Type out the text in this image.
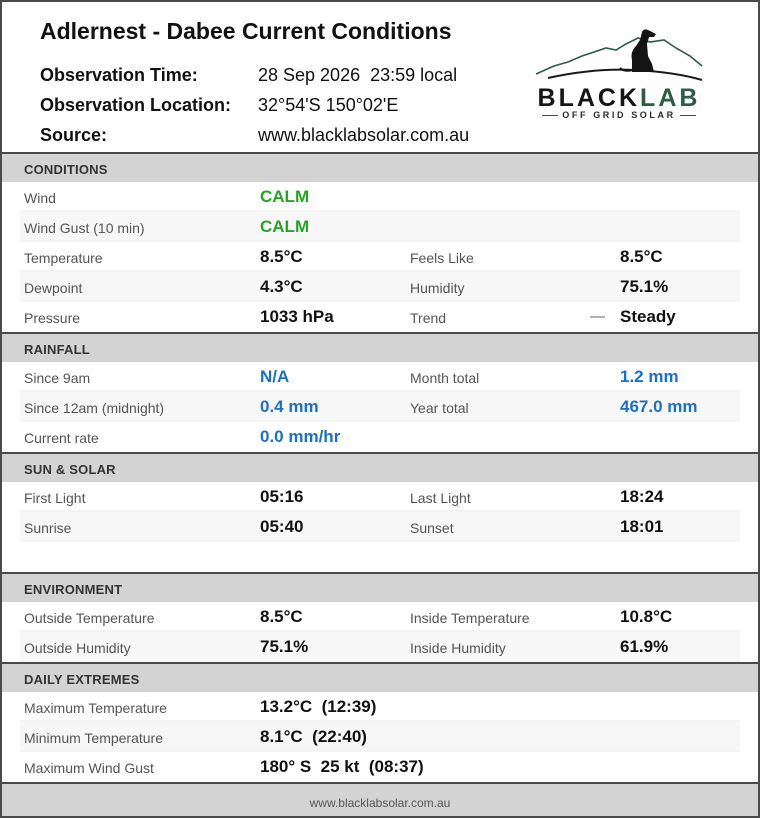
Adlernest - Dabee Current Conditions
Observation Time:	28 Sep 2026  23:59 local
Observation Location: 32°54'S 150°02'E
Source:	www.blacklabsolar.com.au
BLACKLAB
OFF GRID SOLAR
CONDITIONS
Wind	CALM
Wind Gust (10 min)	CALM
Temperature	8.5°C	Feels Like	8.5°C
Dewpoint	4.3°C	Humidity	75.1%
Pressure	1033 hPa	Trend	— Steady
RAINFALL
Since 9am	N/A	Month total	1.2 mm
Since 12am (midnight)	0.4 mm	Year total	467.0 mm
Current rate	0.0 mm/hr
SUN & SOLAR
First Light	05:16	Last Light	18:24
Sunrise	05:40	Sunset	18:01
ENVIRONMENT
Outside Temperature	8.5°C	Inside Temperature	10.8°C
Outside Humidity	75.1%	Inside Humidity	61.9%
DAILY EXTREMES
Maximum Temperature	13.2°C  (12:39)
Minimum Temperature	8.1°C  (22:40)
Maximum Wind Gust	180° S  25 kt  (08:37)
www.blacklabsolar.com.au
